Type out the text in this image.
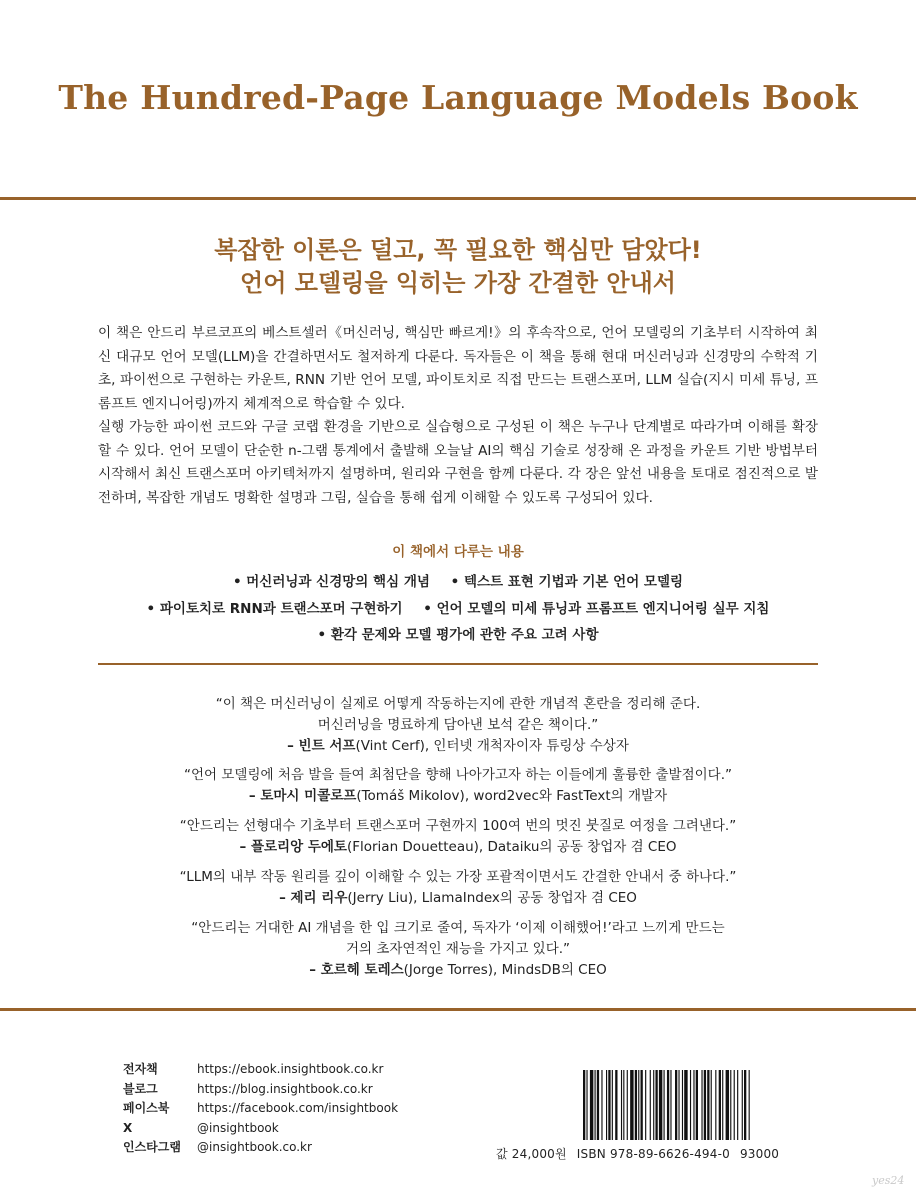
The Hundred-Page Language Models Book
복잡한 이론은 덜고, 꼭 필요한 핵심만 담았다!
언어 모델링을 익히는 가장 간결한 안내서

이 책은 안드리 부르코프의 베스트셀러《머신러닝, 핵심만 빠르게!》의 후속작으로, 언어 모델링의 기초부터 시작하여 최신 대규모 언어 모델(LLM)을 간결하면서도 철저하게 다룬다. 독자들은 이 책을 통해 현대 머신러닝과 신경망의 수학적 기초, 파이썬으로 구현하는 카운트, RNN 기반 언어 모델, 파이토치로 직접 만드는 트랜스포머, LLM 실습(지시 미세 튜닝, 프롬프트 엔지니어링)까지 체계적으로 학습할 수 있다.

실행 가능한 파이썬 코드와 구글 코랩 환경을 기반으로 실습형으로 구성된 이 책은 누구나 단계별로 따라가며 이해를 확장할 수 있다. 언어 모델이 단순한 n-그램 통계에서 출발해 오늘날 AI의 핵심 기술로 성장해 온 과정을 카운트 기반 방법부터 시작해서 최신 트랜스포머 아키텍처까지 설명하며, 원리와 구현을 함께 다룬다. 각 장은 앞선 내용을 토대로 점진적으로 발전하며, 복잡한 개념도 명확한 설명과 그림, 실습을 통해 쉽게 이해할 수 있도록 구성되어 있다.

이 책에서 다루는 내용
• 머신러닝과 신경망의 핵심 개념 • 텍스트 표현 기법과 기본 언어 모델링
• 파이토치로 RNN과 트랜스포머 구현하기 • 언어 모델의 미세 튜닝과 프롬프트 엔지니어링 실무 지침
• 환각 문제와 모델 평가에 관한 주요 고려 사항
“이 책은 머신러닝이 실제로 어떻게 작동하는지에 관한 개념적 혼란을 정리해 준다.
머신러닝을 명료하게 담아낸 보석 같은 책이다.”
– 빈트 서프(Vint Cerf), 인터넷 개척자이자 튜링상 수상자
“언어 모델링에 처음 발을 들여 최첨단을 향해 나아가고자 하는 이들에게 훌륭한 출발점이다.”
– 토마시 미콜로프(Tomáš Mikolov), word2vec와 FastText의 개발자
“안드리는 선형대수 기초부터 트랜스포머 구현까지 100여 번의 멋진 붓질로 여정을 그려낸다.”
– 플로리앙 두에토(Florian Douetteau), Dataiku의 공동 창업자 겸 CEO
“LLM의 내부 작동 원리를 깊이 이해할 수 있는 가장 포괄적이면서도 간결한 안내서 중 하나다.”
– 제리 리우(Jerry Liu), LlamaIndex의 공동 창업자 겸 CEO
“안드리는 거대한 AI 개념을 한 입 크기로 줄여, 독자가 ‘이제 이해했어!’라고 느끼게 만드는
거의 초자연적인 재능을 가지고 있다.”
– 호르헤 토레스(Jorge Torres), MindsDB의 CEO
전자책	https://ebook.insightbook.co.kr
블로그	https://blog.insightbook.co.kr
페이스북	https://facebook.com/insightbook
X	@insightbook
인스타그램	@insightbook.co.kr	값 24,000원 ISBN 978-89-6626-494-0 93000
yes24
